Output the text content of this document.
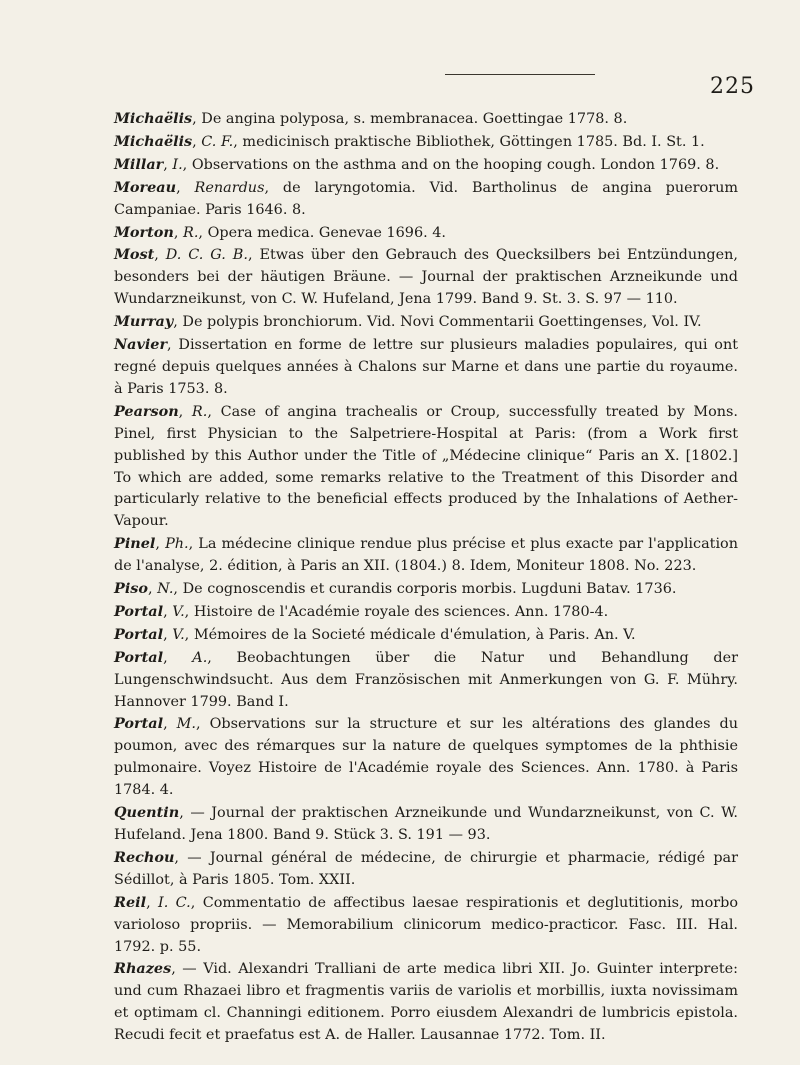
225

Michaëlis, De angina polyposa, s. membranacea. Goettingae 1778. 8.

Michaëlis, C. F., medicinisch praktische Bibliothek, Göttingen 1785. Bd. I. St. 1.

Millar, I., Observations on the asthma and on the hooping cough. London 1769. 8.

Moreau, Renardus, de laryngotomia. Vid. Bartholinus de angina puerorum Campaniae. Paris 1646. 8.

Morton, R., Opera medica. Genevae 1696. 4.

Most, D. C. G. B., Etwas über den Gebrauch des Quecksilbers bei Entzündungen, besonders bei der häutigen Bräune. — Journal der praktischen Arzneikunde und Wundarzneikunst, von C. W. Hufeland, Jena 1799. Band 9. St. 3. S. 97 — 110.

Murray, De polypis bronchiorum. Vid. Novi Commentarii Goettingenses, Vol. IV.

Navier, Dissertation en forme de lettre sur plusieurs maladies populaires, qui ont regné depuis quelques années à Chalons sur Marne et dans une partie du royaume. à Paris 1753. 8.

Pearson, R., Case of angina trachealis or Croup, successfully treated by Mons. Pinel, first Physician to the Salpetriere-Hospital at Paris: (from a Work first published by this Author under the Title of „Médecine clinique“ Paris an X. [1802.] To which are added, some remarks relative to the Treatment of this Disorder and particularly relative to the beneficial effects produced by the Inhalations of Aether-Vapour.

Pinel, Ph., La médecine clinique rendue plus précise et plus exacte par l'application de l'analyse, 2. édition, à Paris an XII. (1804.) 8. Idem, Moniteur 1808. No. 223.

Piso, N., De cognoscendis et curandis corporis morbis. Lugduni Batav. 1736.

Portal, V., Histoire de l'Académie royale des sciences. Ann. 1780-4.

Portal, V., Mémoires de la Societé médicale d'émulation, à Paris. An. V.

Portal, A., Beobachtungen über die Natur und Behandlung der Lungenschwindsucht. Aus dem Französischen mit Anmerkungen von G. F. Mühry. Hannover 1799. Band I.

Portal, M., Observations sur la structure et sur les altérations des glandes du poumon, avec des rémarques sur la nature de quelques symptomes de la phthisie pulmonaire. Voyez Histoire de l'Académie royale des Sciences. Ann. 1780. à Paris 1784. 4.

Quentin, — Journal der praktischen Arzneikunde und Wundarzneikunst, von C. W. Hufeland. Jena 1800. Band 9. Stück 3. S. 191 — 93.

Rechou, — Journal général de médecine, de chirurgie et pharmacie, rédigé par Sédillot, à Paris 1805. Tom. XXII.

Reil, I. C., Commentatio de affectibus laesae respirationis et deglutitionis, morbo varioloso propriis. — Memorabilium clinicorum medico-practicor. Fasc. III. Hal. 1792. p. 55.

Rhazes, — Vid. Alexandri Tralliani de arte medica libri XII. Jo. Guinter interprete: und cum Rhazaei libro et fragmentis variis de variolis et morbillis, iuxta novissimam et optimam cl. Channingi editionem. Porro eiusdem Alexandri de lumbricis epistola. Recudi fecit et praefatus est A. de Haller. Lausannae 1772. Tom. II.
